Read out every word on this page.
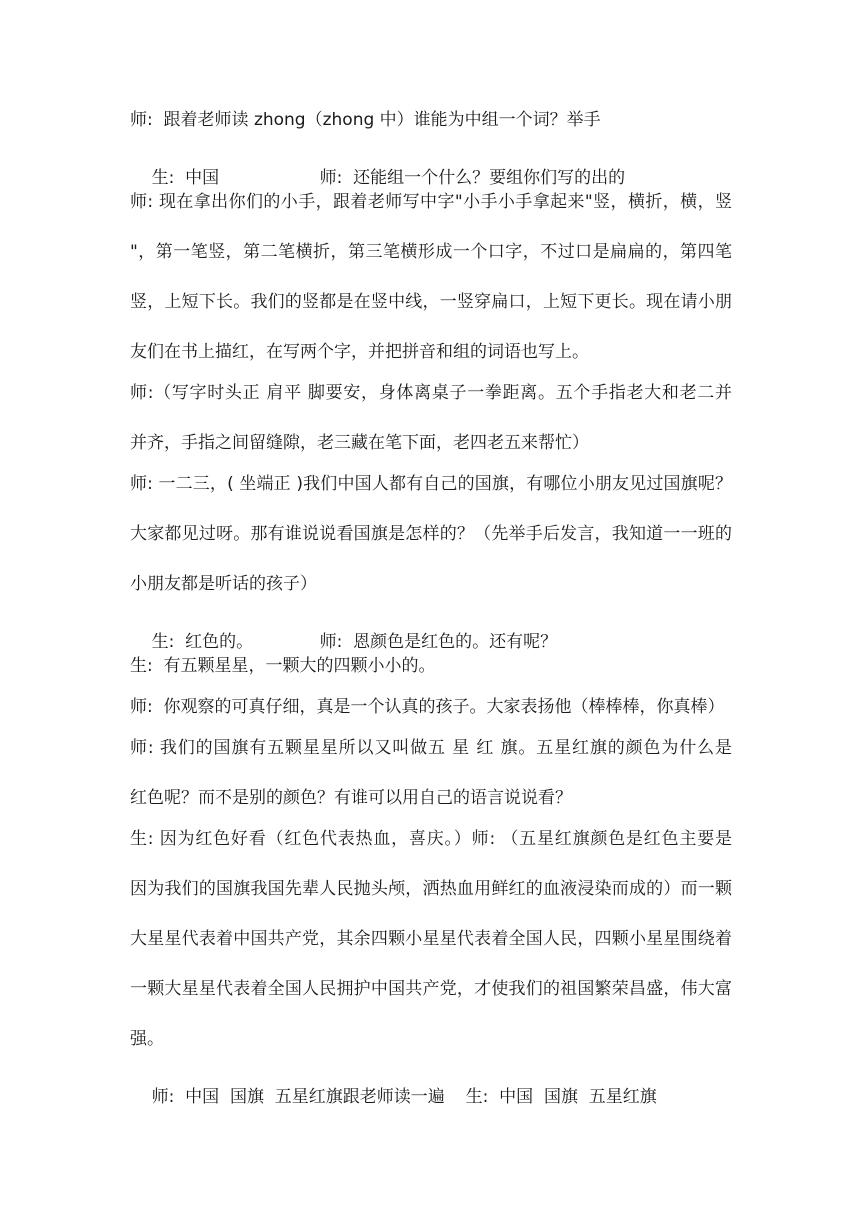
师:  跟着老师读 zhong（zhong 中）谁能为中组一个词？举手

生:  中国	师:  还能组一个什么？要组你们写的出的

师: 现在拿出你们的小手，跟着老师写中字"小手小手拿起来"竖，横折，横，竖

"，第一笔竖，第二笔横折，第三笔横形成一个口字，不过口是扁扁的，第四笔

竖，上短下长。我们的竖都是在竖中线，一竖穿扁口，上短下更长。现在请小朋

友们在书上描红，在写两个字，并把拼音和组的词语也写上。

师:（写字时头正 肩平 脚要安，身体离桌子一拳距离。五个手指老大和老二并

并齐，手指之间留缝隙，老三藏在笔下面，老四老五来帮忙）

师: 一二三，( 坐端正 )我们中国人都有自己的国旗，有哪位小朋友见过国旗呢？

大家都见过呀。那有谁说说看国旗是怎样的？（先举手后发言，我知道一一班的

小朋友都是听话的孩子）

生:  红色的。	师:  恩颜色是红色的。还有呢？

生:  有五颗星星，一颗大的四颗小小的。

师:  你观察的可真仔细，真是一个认真的孩子。大家表扬他（棒棒棒，你真棒）

师: 我们的国旗有五颗星星所以又叫做五 星 红 旗。五星红旗的颜色为什么是

红色呢？而不是别的颜色？有谁可以用自己的语言说说看？

生: 因为红色好看（红色代表热血，喜庆。）师: （五星红旗颜色是红色主要是

因为我们的国旗我国先辈人民抛头颅，洒热血用鲜红的血液浸染而成的）而一颗

大星星代表着中国共产党，其余四颗小星星代表着全国人民，四颗小星星围绕着

一颗大星星代表着全国人民拥护中国共产党，才使我们的祖国繁荣昌盛，伟大富

强。

师:  中国  国旗  五星红旗跟老师读一遍 生:  中国  国旗  五星红旗
